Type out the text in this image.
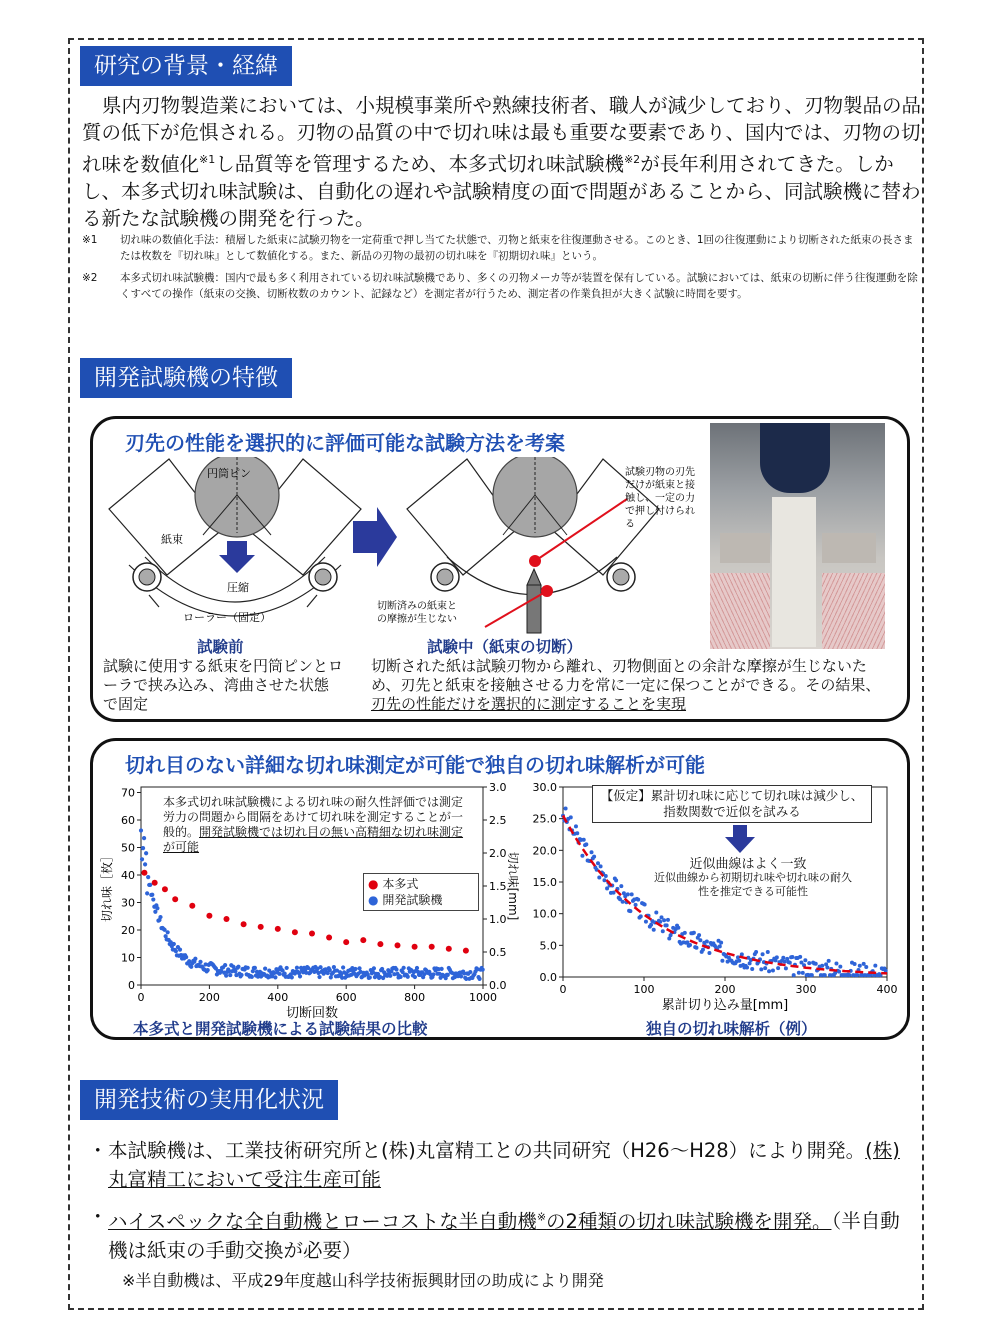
研究の背景・経緯
県内刃物製造業においては、小規模事業所や熟練技術者、職人が減少しており、刃物製品の品質の低下が危惧される。刃物の品質の中で切れ味は最も重要な要素であり、国内では、刃物の切れ味を数値化$^{※1}$し品質等を管理するため、本多式切れ味試験機$^{※2}$が長年利用されてきた。しかし、本多式切れ味試験は、自動化の遅れや試験精度の面で問題があることから、同試験機に替わる新たな試験機の開発を行った。
※1	切れ味の数値化手法：積層した紙束に試験刃物を一定荷重で押し当てた状態で、刃物と紙束を往復運動させる。このとき、1回の往復運動により切断された紙束の長さまたは枚数を『切れ味』として数値化する。また、新品の刃物の最初の切れ味を『初期切れ味』という。
※2	本多式切れ味試験機：国内で最も多く利用されている切れ味試験機であり、多くの刃物メーカ等が装置を保有している。試験においては、紙束の切断に伴う往復運動を除くすべての操作（紙束の交換、切断枚数のカウント、記録など）を測定者が行うため、測定者の作業負担が大きく試験に時間を要す。
開発試験機の特徴
刃先の性能を選択的に評価可能な試験方法を考案
円筒ピン
紙束
圧縮
ローラー（固定）
試験刃物の刃先 だけが紙束と接 触し、一定の力 で押し付けられ る
切断済みの紙束と の摩擦が生じない
試験前
試験に使用する紙束を円筒ピンとローラで挟み込み、湾曲させた状態で固定
試験中（紙束の切断）
切断された紙は試験刃物から離れ、刃物側面との余計な摩擦が生じないため、刃先と紙束を接触させる力を常に一定に保つことができる。その結果、刃先の性能だけを選択的に測定することを実現
切れ目のない詳細な切れ味測定が可能で独自の切れ味解析が可能
0	200	400	600	800	1000
0
10
20
30
40
50
60
70
0.0
0.5
1.0
1.5
2.0
2.5
3.0
切れ味［枚］	切れ味[mm]
切断回数
0	100	200	300	400
0.0
5.0
10.0
15.0
20.0
25.0
30.0
累計切り込み量[mm]
本多式切れ味試験機による切れ味の耐久性評価では測定労力の問題から間隔をあけて切れ味を測定することが一般的。開発試験機では切れ目の無い高精細な切れ味測定が可能
● 本多式
● 開発試験機
【仮定】累計切れ味に応じて切れ味は減少し、指数関数で近似を試みる
近似曲線はよく一致
近似曲線から初期切れ味や切れ味の耐久性を推定できる可能性
本多式と開発試験機による試験結果の比較	独自の切れ味解析（例）
開発技術の実用化状況
・ 本試験機は、工業技術研究所と(株)丸富精工との共同研究（H26～H28）により開発。(株)丸富精工において受注生産可能
・ ハイスペックな全自動機とローコストな半自動機※の2種類の切れ味試験機を開発。（半自動機は紙束の手動交換が必要）
※半自動機は、平成29年度越山科学技術振興財団の助成により開発
